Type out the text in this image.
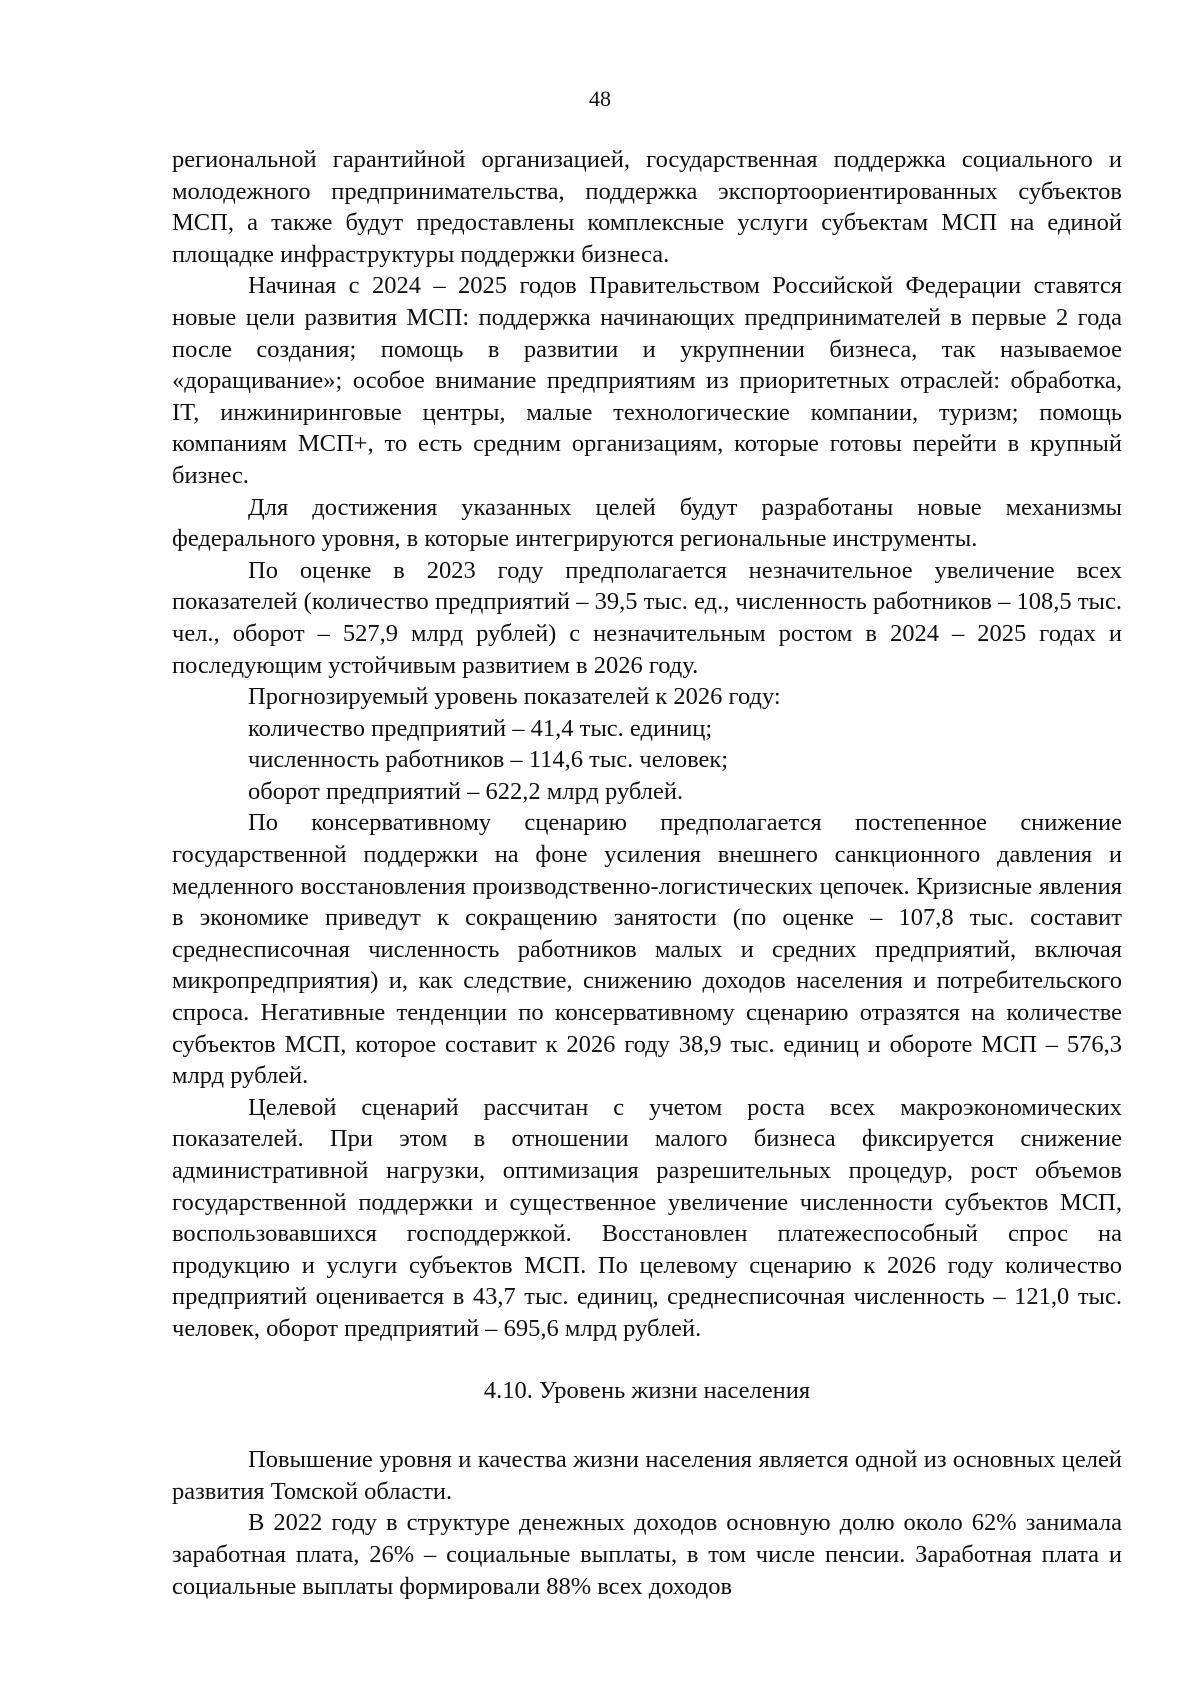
48

региональной гарантийной организацией, государственная поддержка социального и молодежного предпринимательства, поддержка экспортоориентированных субъектов МСП, а также будут предоставлены комплексные услуги субъектам МСП на единой площадке инфраструктуры поддержки бизнеса.

Начиная с 2024 – 2025 годов Правительством Российской Федерации ставятся новые цели развития МСП: поддержка начинающих предпринимателей в первые 2 года после создания; помощь в развитии и укрупнении бизнеса, так называемое «доращивание»; особое внимание предприятиям из приоритетных отраслей: обработка, IT, инжиниринговые центры, малые технологические компании, туризм; помощь компаниям МСП+, то есть средним организациям, которые готовы перейти в крупный бизнес.

Для достижения указанных целей будут разработаны новые механизмы федерального уровня, в которые интегрируются региональные инструменты.

По оценке в 2023 году предполагается незначительное увеличение всех показателей (количество предприятий – 39,5 тыс. ед., численность работников – 108,5 тыс. чел., оборот – 527,9 млрд рублей) с незначительным ростом в 2024 – 2025 годах и последующим устойчивым развитием в 2026 году.

Прогнозируемый уровень показателей к 2026 году:

количество предприятий – 41,4 тыс. единиц;

численность работников – 114,6 тыс. человек;

оборот предприятий – 622,2 млрд рублей.

По консервативному сценарию предполагается постепенное снижение государственной поддержки на фоне усиления внешнего санкционного давления и медленного восстановления производственно-логистических цепочек. Кризисные явления в экономике приведут к сокращению занятости (по оценке – 107,8 тыс. составит среднесписочная численность работников малых и средних предприятий, включая микропредприятия) и, как следствие, снижению доходов населения и потребительского спроса. Негативные тенденции по консервативному сценарию отразятся на количестве субъектов МСП, которое составит к 2026 году 38,9 тыс. единиц и обороте МСП – 576,3 млрд рублей.

Целевой сценарий рассчитан с учетом роста всех макроэкономических показателей. При этом в отношении малого бизнеса фиксируется снижение административной нагрузки, оптимизация разрешительных процедур, рост объемов государственной поддержки и существенное увеличение численности субъектов МСП, воспользовавшихся господдержкой. Восстановлен платежеспособный спрос на продукцию и услуги субъектов МСП. По целевому сценарию к 2026 году количество предприятий оценивается в 43,7 тыс. единиц, среднесписочная численность – 121,0 тыс. человек, оборот предприятий – 695,6 млрд рублей.

4.10. Уровень жизни населения

Повышение уровня и качества жизни населения является одной из основных целей развития Томской области.

В 2022 году в структуре денежных доходов основную долю около 62% занимала заработная плата, 26% – социальные выплаты, в том числе пенсии. Заработная плата и социальные выплаты формировали 88% всех доходов
